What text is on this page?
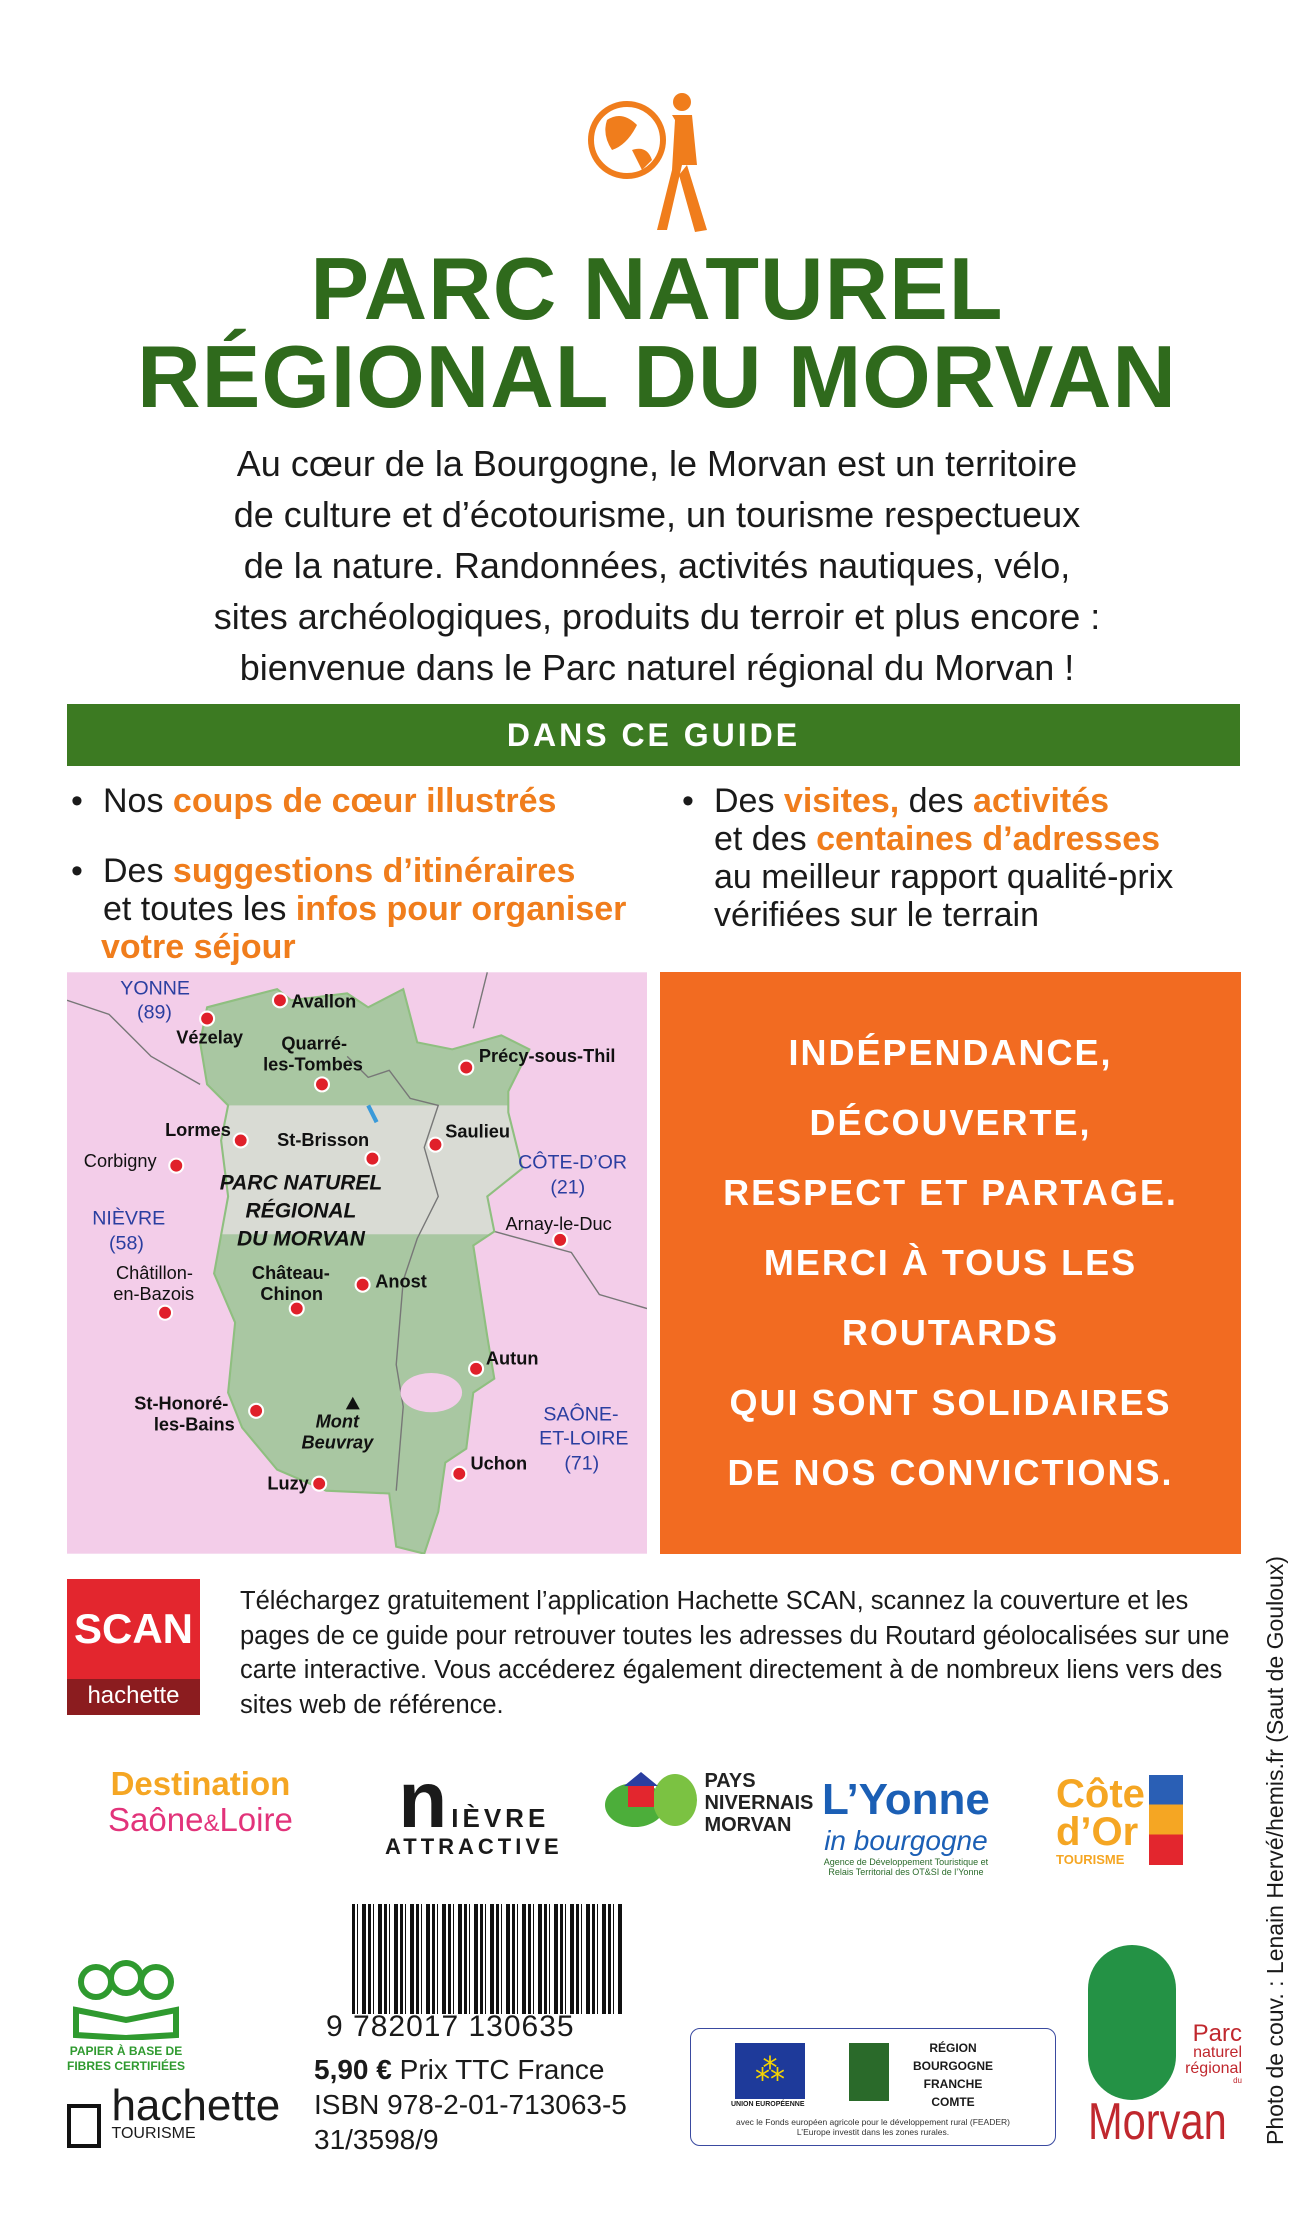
PARC NATUREL
RÉGIONAL DU MORVAN
Au cœur de la Bourgogne, le Morvan est un territoire
de culture et d’écotourisme, un tourisme respectueux
de la nature. Randonnées, activités nautiques, vélo,
sites archéologiques, produits du terroir et plus encore :
bienvenue dans le Parc naturel régional du Morvan !
DANS CE GUIDE
• Nos coups de cœur illustrés
• Des suggestions d’itinéraires
et toutes les infos pour organiser
votre séjour
• Des visites, des activités
et des centaines d’adresses
au meilleur rapport qualité-prix
vérifiées sur le terrain
YONNE
(89)
CÔTE-D’OR
(21)
NIÈVRE
(58)
SAÔNE-
ET-LOIRE
(71)
PARC NATUREL
RÉGIONAL
DU MORVAN
Mont
Beuvray
Avallon
Vézelay	Quarré-
les-Tombes	Précy-sous-Thil
Lormes	St-Brisson	Saulieu
Château-
Chinon
Anost
Autun
St-Honoré-
les-Bains
Uchon
Luzy
Corbigny
Arnay-le-Duc
Châtillon-
en-Bazois
INDÉPENDANCE,
DÉCOUVERTE,
RESPECT ET PARTAGE.
MERCI À TOUS LES ROUTARDS
QUI SONT SOLIDAIRES
DE NOS CONVICTIONS.
SCAN
hachette
Téléchargez gratuitement l’application Hachette SCAN, scannez la couverture et les pages de ce guide pour retrouver toutes les adresses du Routard géolocalisées sur une carte interactive. Vous accéderez également directement à de nombreux liens vers des sites web de référence.
Destination
Saône&Loire nIÈVRE
ATTRACTIVE

PAYS
NIVERNAIS
MORVAN
L’Yonne
in bourgogne
Agence de Développement Touristique et
Relais Territorial des OT&SI de l’Yonne
Côte
d’Or
TOURISME

PAPIER À BASE DE
FIBRES CERTIFIÉES

hachette
TOURISME
9 782017 130635
5,90 € Prix TTC France
ISBN 978-2-01-713063-5
31/3598/9
⁂
UNION EUROPÉENNE
RÉGION
BOURGOGNE
FRANCHE
COMTE
avec le Fonds européen agricole pour le développement rural (FEADER)
L’Europe investit dans les zones rurales.
Parc
naturel
régional
du
Morvan Photo de couv. : Lenain Hervé/hemis.fr (Saut de Gouloux)
